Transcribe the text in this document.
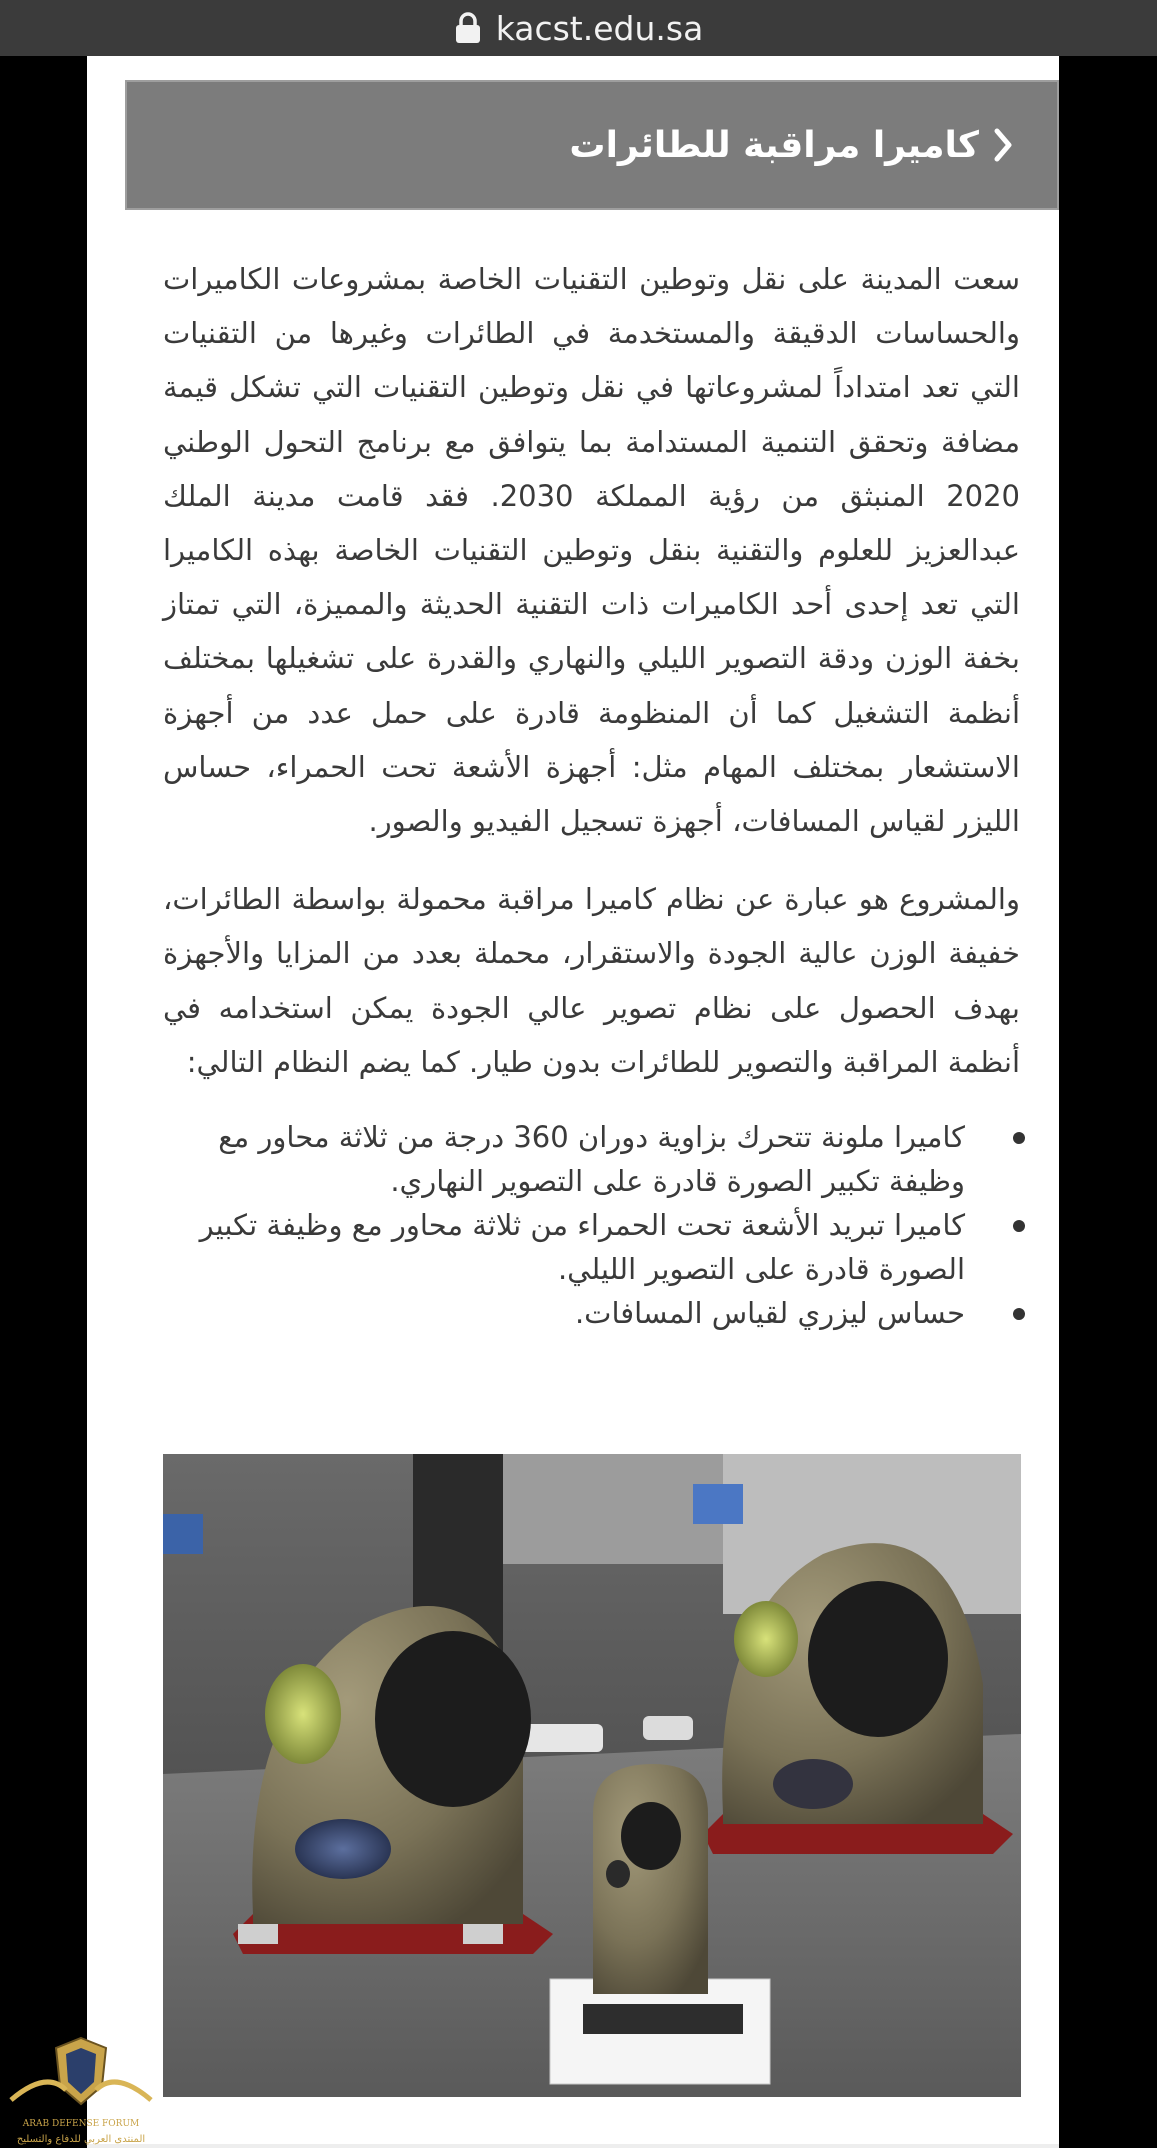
kacst.edu.sa
كاميرا مراقبة للطائرات

سعت المدينة على نقل وتوطين التقنيات الخاصة بمشروعات الكاميرات والحساسات الدقيقة والمستخدمة في الطائرات وغيرها من التقنيات التي تعد امتداداً لمشروعاتها في نقل وتوطين التقنيات التي تشكل قيمة مضافة وتحقق التنمية المستدامة بما يتوافق مع برنامج التحول الوطني 2020 المنبثق من رؤية المملكة 2030. فقد قامت مدينة الملك عبدالعزيز للعلوم والتقنية بنقل وتوطين التقنيات الخاصة بهذه الكاميرا التي تعد إحدى أحد الكاميرات ذات التقنية الحديثة والمميزة، التي تمتاز بخفة الوزن ودقة التصوير الليلي والنهاري والقدرة على تشغيلها بمختلف أنظمة التشغيل كما أن المنظومة قادرة على حمل عدد من أجهزة الاستشعار بمختلف المهام مثل: أجهزة الأشعة تحت الحمراء، حساس الليزر لقياس المسافات، أجهزة تسجيل الفيديو والصور.

والمشروع هو عبارة عن نظام كاميرا مراقبة محمولة بواسطة الطائرات، خفيفة الوزن عالية الجودة والاستقرار، محملة بعدد من المزايا والأجهزة بهدف الحصول على نظام تصوير عالي الجودة يمكن استخدامه في أنظمة المراقبة والتصوير للطائرات بدون طيار. كما يضم النظام التالي:

كاميرا ملونة تتحرك بزاوية دوران 360 درجة من ثلاثة محاور مع وظيفة تكبير الصورة قادرة على التصوير النهاري.
كاميرا تبريد الأشعة تحت الحمراء من ثلاثة محاور مع وظيفة تكبير الصورة قادرة على التصوير الليلي.
حساس ليزري لقياس المسافات.
ARAB DEFENSE FORUM
المنتدى العربي للدفاع والتسليح
